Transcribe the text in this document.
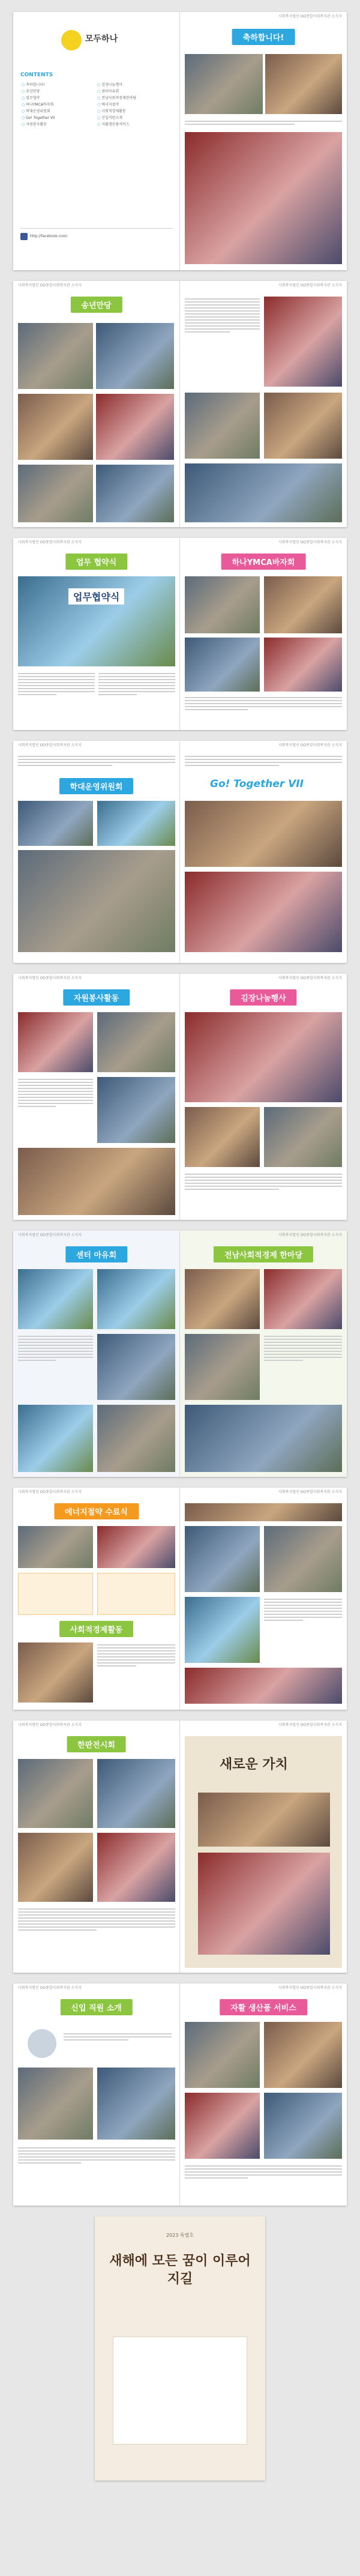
모두하나
CONTENTS
○ 축하합니다!
○ 송년만당
○ 업무협약
○ 하나YMCA바자회
○ 학대운영위원회
○ Go! Together VII
○ 자원봉사활동
○ 김장나눔행사
○ 센터아유회
○ 전남사회적경제한마당
○ 에너지절약
○ 사회적경제활동
○ 신입직원소개
○ 자활생산품서비스
http://facebook.com/
사회복지법인 OO종합사회복지관 소식지
축하합니다!
사회복지법인 OO종합사회복지관 소식지
송년만당
사회복지법인 OO종합사회복지관 소식지
사회복지법인 OO종합사회복지관 소식지
업무 협약식
업무협약식
사회복지법인 OO종합사회복지관 소식지
하나YMCA바자회
사회복지법인 OO종합사회복지관 소식지
학대운영위원회
사회복지법인 OO종합사회복지관 소식지
Go! Together VII
사회복지법인 OO종합사회복지관 소식지
자원봉사활동
사회복지법인 OO종합사회복지관 소식지
김장나눔행사
사회복지법인 OO종합사회복지관 소식지
센터 아유회
사회복지법인 OO종합사회복지관 소식지
전남사회적경제 한마당
사회복지법인 OO종합사회복지관 소식지
에너지절약 수료식
사회적경제활동
사회복지법인 OO종합사회복지관 소식지
사회복지법인 OO종합사회복지관 소식지
한판전시회
사회복지법인 OO종합사회복지관 소식지
새로운 가치
사회복지법인 OO종합사회복지관 소식지
신입 직원 소개
사회복지법인 OO종합사회복지관 소식지
자활 생산품 서비스
2023 특별호
새해에 모든 꿈이 이루어지길
